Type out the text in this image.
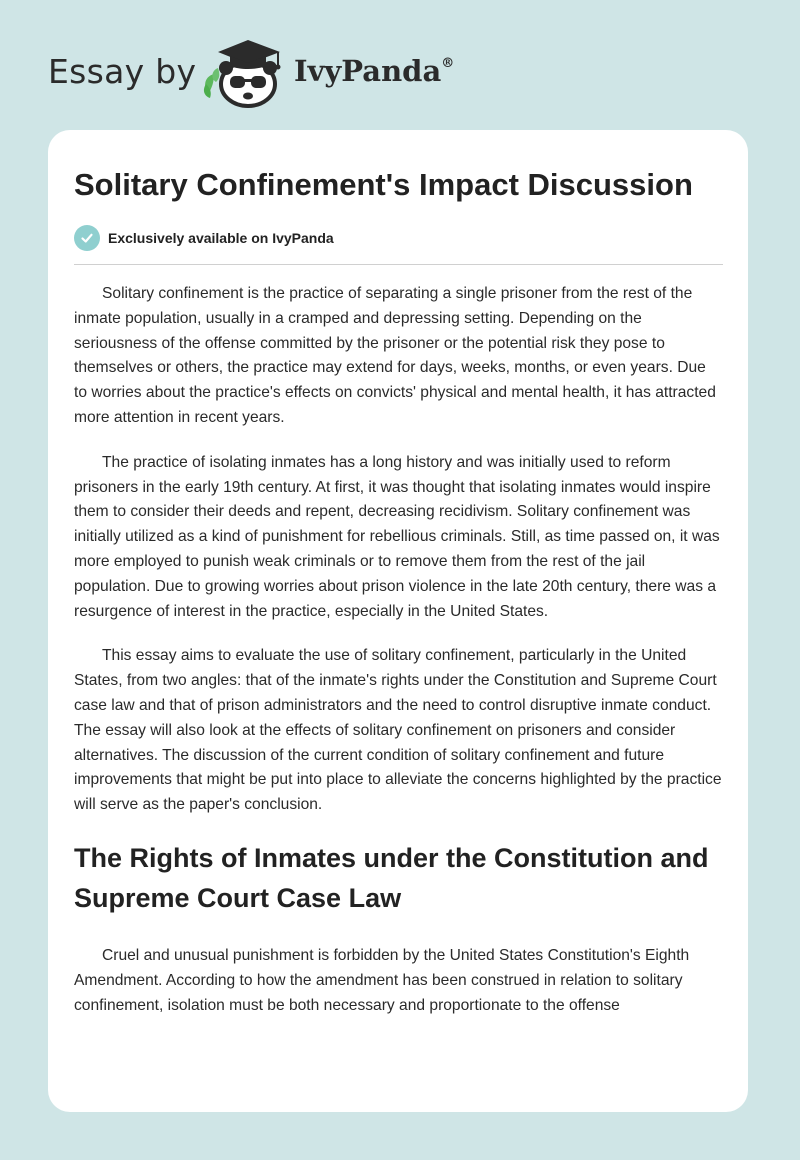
Essay by	IvyPanda®
Solitary Confinement's Impact Discussion
Exclusively available on IvyPanda

Solitary confinement is the practice of separating a single prisoner from the rest of the inmate population, usually in a cramped and depressing setting. Depending on the seriousness of the offense committed by the prisoner or the potential risk they pose to themselves or others, the practice may extend for days, weeks, months, or even years. Due to worries about the practice's effects on convicts' physical and mental health, it has attracted more attention in recent years.

The practice of isolating inmates has a long history and was initially used to reform prisoners in the early 19th century. At first, it was thought that isolating inmates would inspire them to consider their deeds and repent, decreasing recidivism. Solitary confinement was initially utilized as a kind of punishment for rebellious criminals. Still, as time passed on, it was more employed to punish weak criminals or to remove them from the rest of the jail population. Due to growing worries about prison violence in the late 20th century, there was a resurgence of interest in the practice, especially in the United States.

This essay aims to evaluate the use of solitary confinement, particularly in the United States, from two angles: that of the inmate's rights under the Constitution and Supreme Court case law and that of prison administrators and the need to control disruptive inmate conduct. The essay will also look at the effects of solitary confinement on prisoners and consider alternatives. The discussion of the current condition of solitary confinement and future improvements that might be put into place to alleviate the concerns highlighted by the practice will serve as the paper's conclusion.

The Rights of Inmates under the Constitution and Supreme Court Case Law

Cruel and unusual punishment is forbidden by the United States Constitution's Eighth Amendment. According to how the amendment has been construed in relation to solitary confinement, isolation must be both necessary and proportionate to the offense
